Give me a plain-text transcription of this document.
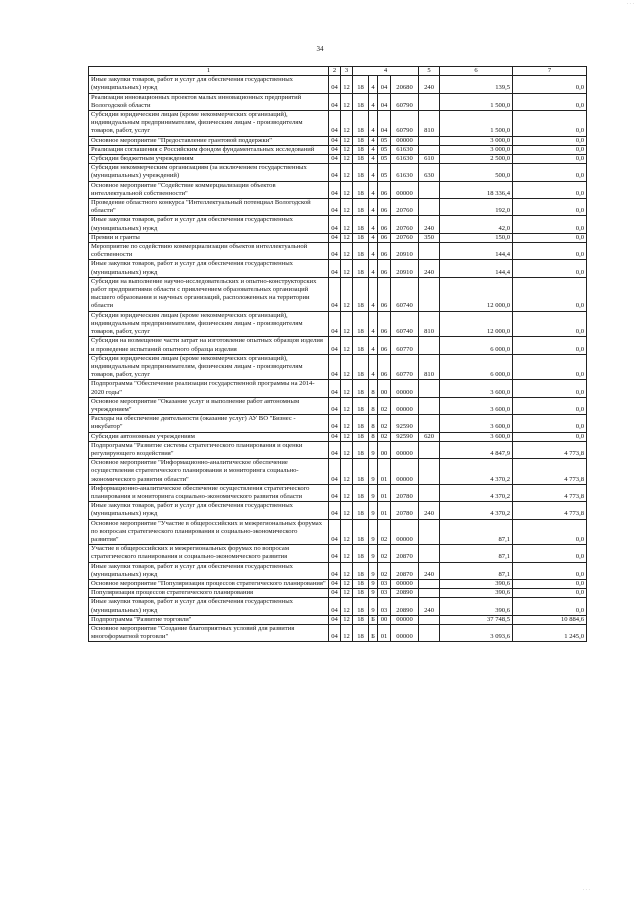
34
1	2	3	4				5	6	7
Иные закупки товаров, работ и услуг для обеспечения государственных (муниципальных) нужд	04	12	18	4	04	20680	240	139,5	0,0
Реализация инновационных проектов малых инновационных предприятий Вологодской области	04	12	18	4	04	60790		1 500,0	0,0
Субсидии юридическим лицам (кроме некоммерческих организаций), индивидуальным предпринимателям, физическим лицам - производителям товаров, работ, услуг	04	12	18	4	04	60790	810	1 500,0	0,0
Основное мероприятие "Предоставление грантовой поддержки"	04	12	18	4	05	00000		3 000,0	0,0
Реализация соглашения с Российским фондом фундаментальных исследований	04	12	18	4	05	61630		3 000,0	0,0
Субсидии бюджетным учреждениям	04	12	18	4	05	61630	610	2 500,0	0,0
Субсидии некоммерческим организациям (за исключением государственных (муниципальных) учреждений)	04	12	18	4	05	61630	630	500,0	0,0
Основное мероприятие "Содействие коммерциализации объектов интеллектуальной собственности"	04	12	18	4	06	00000		18 336,4	0,0
Проведение областного конкурса "Интеллектуальный потенциал Вологодской области"	04	12	18	4	06	20760		192,0	0,0
Иные закупки товаров, работ и услуг для обеспечения государственных (муниципальных) нужд	04	12	18	4	06	20760	240	42,0	0,0
Премии и гранты	04	12	18	4	06	20760	350	150,0	0,0
Мероприятие по содействию коммерциализации объектов интеллектуальной собственности	04	12	18	4	06	20910		144,4	0,0
Иные закупки товаров, работ и услуг для обеспечения государственных (муниципальных) нужд	04	12	18	4	06	20910	240	144,4	0,0
Субсидии на выполнение научно-исследовательских и опытно-конструкторских работ предприятиями области с привлечением образовательных организаций высшего образования и научных организаций, расположенных на территории области	04	12	18	4	06	60740		12 000,0	0,0
Субсидии юридическим лицам (кроме некоммерческих организаций), индивидуальным предпринимателям, физическим лицам - производителям товаров, работ, услуг	04	12	18	4	06	60740	810	12 000,0	0,0
Субсидия на возмещение части затрат на изготовление опытных образцов изделия и проведение испытаний опытного образца изделия	04	12	18	4	06	60770		6 000,0	0,0
Субсидии юридическим лицам (кроме некоммерческих организаций), индивидуальным предпринимателям, физическим лицам - производителям товаров, работ, услуг	04	12	18	4	06	60770	810	6 000,0	0,0
Подпрограмма "Обеспечение реализации государственной программы на 2014-2020 годы"	04	12	18	8	00	00000		3 600,0	0,0
Основное мероприятие "Оказание услуг и выполнение работ автономным учреждением"	04	12	18	8	02	00000		3 600,0	0,0
Расходы на обеспечение деятельности (оказание услуг) АУ ВО "Бизнес - инкубатор"	04	12	18	8	02	92590		3 600,0	0,0
Субсидии автономным учреждениям	04	12	18	8	02	92590	620	3 600,0	0,0
Подпрограмма "Развитие системы стратегического планирования и оценки регулирующего воздействия"	04	12	18	9	00	00000		4 847,9	4 773,8
Основное мероприятие "Информационно-аналитическое обеспечение осуществления стратегического планирования и мониторинга социально-экономического развития области"	04	12	18	9	01	00000		4 370,2	4 773,8
Информационно-аналитическое обеспечение осуществления стратегического планирования и мониторинга социально-экономического развития области	04	12	18	9	01	20780		4 370,2	4 773,8
Иные закупки товаров, работ и услуг для обеспечения государственных (муниципальных) нужд	04	12	18	9	01	20780	240	4 370,2	4 773,8
Основное мероприятие "Участие в общероссийских и межрегиональных форумах по вопросам стратегического планирования и социально-экономического развития"	04	12	18	9	02	00000		87,1	0,0
Участие в общероссийских и межрегиональных форумах по вопросам стратегического планирования и социально-экономического развития	04	12	18	9	02	20870		87,1	0,0
Иные закупки товаров, работ и услуг для обеспечения государственных (муниципальных) нужд	04	12	18	9	02	20870	240	87,1	0,0
Основное мероприятие "Популяризация процессов стратегического планирования"	04	12	18	9	03	00000		390,6	0,0
Популяризация процессов стратегического планирования	04	12	18	9	03	20890		390,6	0,0
Иные закупки товаров, работ и услуг для обеспечения государственных (муниципальных) нужд	04	12	18	9	03	20890	240	390,6	0,0
Подпрограмма "Развитие торговли"	04	12	18	Б	00	00000		37 748,5	10 884,6
Основное мероприятие "Создание благоприятных условий для развития многоформатной торговли"	04	12	18	Б	01	00000		3 093,6	1 245,0
· · ·
· · ·
